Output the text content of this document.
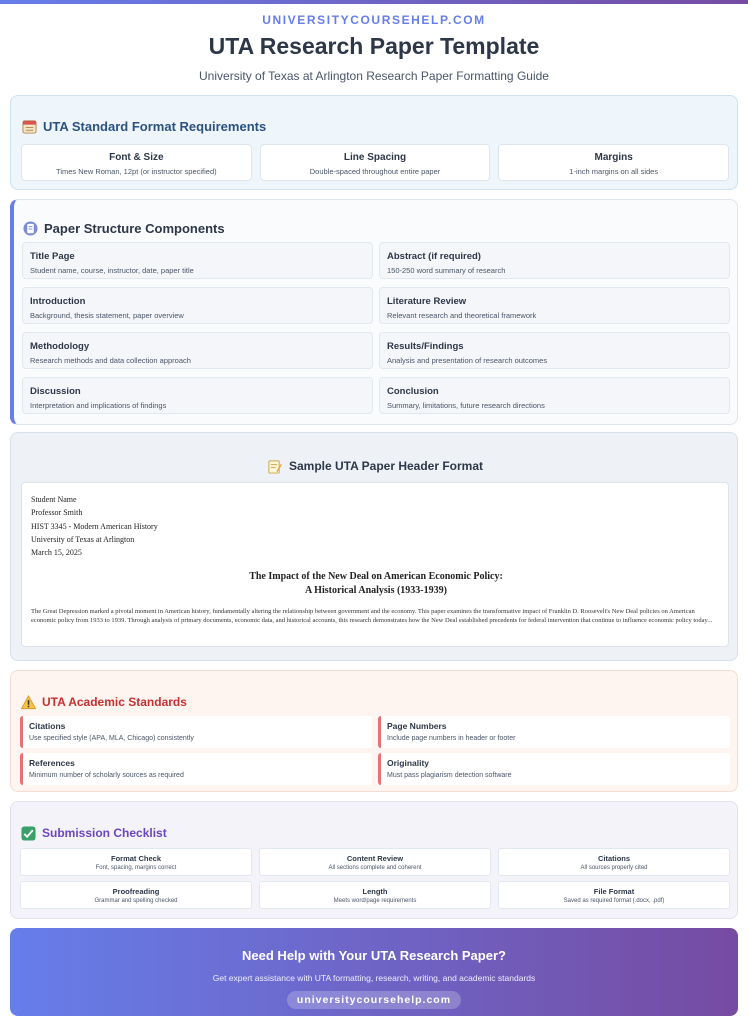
UNIVERSITYCOURSEHELP.COM
UTA Research Paper Template
University of Texas at Arlington Research Paper Formatting Guide
UTA Standard Format Requirements
Font & Size
Times New Roman, 12pt (or instructor specified)
Line Spacing
Double-spaced throughout entire paper
Margins
1-inch margins on all sides
Paper Structure Components
Title Page
Student name, course, instructor, date, paper title
Abstract (if required)
150-250 word summary of research
Introduction
Background, thesis statement, paper overview
Literature Review
Relevant research and theoretical framework
Methodology
Research methods and data collection approach
Results/Findings
Analysis and presentation of research outcomes
Discussion
Interpretation and implications of findings
Conclusion
Summary, limitations, future research directions
Sample UTA Paper Header Format
Student Name
Professor Smith
HIST 3345 - Modern American History
University of Texas at Arlington
March 15, 2025
The Impact of the New Deal on American Economic Policy:
A Historical Analysis (1933-1939)
The Great Depression marked a pivotal moment in American history, fundamentally altering the relationship between government and the economy. This paper examines the transformative impact of Franklin D. Roosevelt's New Deal policies on American economic policy from 1933 to 1939. Through analysis of primary documents, economic data, and historical accounts, this research demonstrates how the New Deal established precedents for federal intervention that continue to influence economic policy today...
UTA Academic Standards
Citations
Use specified style (APA, MLA, Chicago) consistently
Page Numbers
Include page numbers in header or footer
References
Minimum number of scholarly sources as required
Originality
Must pass plagiarism detection software
Submission Checklist
Format Check
Font, spacing, margins correct
Content Review
All sections complete and coherent
Citations
All sources properly cited
Proofreading
Grammar and spelling checked
Length
Meets word/page requirements
File Format
Saved as required format (.docx, .pdf)
Need Help with Your UTA Research Paper?
Get expert assistance with UTA formatting, research, writing, and academic standards
universitycoursehelp.com
